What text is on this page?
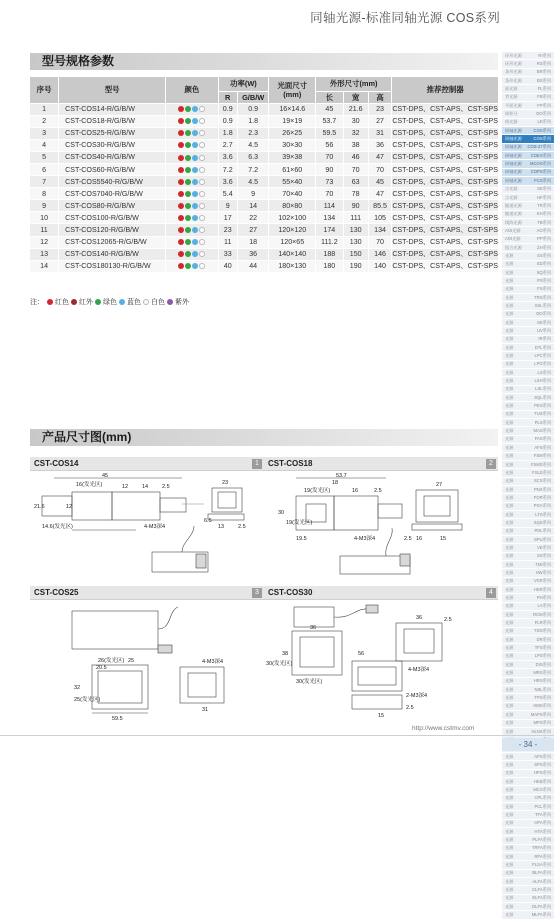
同轴光源-标准同轴光源 COS系列
型号规格参数
序号	型号	颜色	功率(W)		光面尺寸(mm)	外形尺寸(mm)			推荐控制器
			R	G/B/W		长	宽	高	
1	CST-COS14-R/G/B/W		0.9	0.9	16×14.6	45	21.6	23	CST-DPS、CST-APS、CST-SPS
2	CST-COS18-R/G/B/W		0.9	1.8	19×19	53.7	30	27	CST-DPS、CST-APS、CST-SPS
3	CST-COS25-R/G/B/W		1.8	2.3	26×25	59.5	32	31	CST-DPS、CST-APS、CST-SPS
4	CST-COS30-R/G/B/W		2.7	4.5	30×30	56	38	36	CST-DPS、CST-APS、CST-SPS
5	CST-COS40-R/G/B/W		3.6	6.3	39×38	70	46	47	CST-DPS、CST-APS、CST-SPS
6	CST-COS60-R/G/B/W		7.2	7.2	61×60	90	70	70	CST-DPS、CST-APS、CST-SPS
7	CST-COS5540-R/G/B/W		3.6	4.5	55×40	73	63	45	CST-DPS、CST-APS、CST-SPS
8	CST-COS7040-R/G/B/W		5.4	9	70×40	70	78	47	CST-DPS、CST-APS、CST-SPS
9	CST-COS80-R/G/B/W		9	14	80×80	114	90	85.5	CST-DPS、CST-APS、CST-SPS
10	CST-COS100-R/G/B/W		17	22	102×100	134	111	105	CST-DPS、CST-APS、CST-SPS
11	CST-COS120-R/G/B/W		23	27	120×120	174	130	134	CST-DPS、CST-APS、CST-SPS
12	CST-COS12065-R/G/B/W		11	18	120×65	111.2	130	70	CST-DPS、CST-APS、CST-SPS
13	CST-COS140-R/G/B/W		33	36	140×140	188	150	146	CST-DPS、CST-APS、CST-SPS
14	CST-COS180130-R/G/B/W		40	44	180×130	180	190	140	CST-DPS、CST-APS、CST-SPS
注： 红色 红外 绿色 蓝色 白色 紫外
产品尺寸图(mm)
CST-COS14	1	CST-COS18	2
CST-COS25	3	CST-COS30	4
45
16(发光区)	12	14	2.5
23
21.6	12
14.6(发光区)	4-M3深4	13
6.5
2.5
53.7
18
19(发光区)	16	2.5
27
30
19(发光区)
19.5	4-M3深4	2.5 16	15
26(发光区) 25
20.5
32
25(发光区)
59.5
4-M3深4
31
56
36
30(发光区)
38
30(发光区)
2.5
4-M3深4
36
2-M3深4
15
2.5
环形光源	RI系列
环形光源	RS系列
条形光源	BR系列
条形光源	BS系列
面光源	FL系列
背光源	FB系列
平面光源	FP系列
球积分	DO系列
线光源	LE系列
同轴光源	COS系列
同轴光源	COS系列
同轴光源 COS-27系列
同轴光源 COEX系列
同轴光源 MCOS系列
同轴光源 COPS系列
同轴光源	FCS系列
点光源	SE系列
点光源	HF系列
隧道光源	TR系列
隧道光源	KH系列
线阵光源	TB系列
AOI光源	AO系列
AOI光源	PP系列
组合光源	ZH系列
光源	SS系列
光源	SD系列
光源	SQ系列
光源	PS系列
光源	FS系列
光源	TRS系列
光源	SSL系列
光源	DO系列
光源	SE系列
光源	UV系列
光源	IR系列
光源	DTL系列
光源	LPC系列
光源	LPG系列
光源	LS系列
光源	LSH系列
光源	LSL系列
光源	SQL系列
光源	PES系列
光源	TUS系列
光源	PLS系列
光源	MAS系列
光源	FAS系列
光源	AFS系列
光源	FSM系列
光源	FSMS系列
光源	FSLE系列
光源	SCX系列
光源	PNX系列
光源	FOR系列
光源	PGA系列
光源	LTS系列
光源	SQS系列
光源	PDL系列
光源	SPU系列
光源	VE系列
光源	SS系列
光源	TMI系列
光源	HW系列
光源	VSR系列
光源	HSR系列
光源	PH系列
光源	LA系列
光源	RCM系列
光源	FLR系列
光源	TDS系列
光源	DR系列
光源	TFS系列
光源	LPS系列
光源	DIS系列
光源	MRS系列
光源	HRS系列
光源	NSL系列
光源	TPS系列
光源	HMS系列
光源	MAPS系列
光源	MPS系列
光源	HLNS系列
光源	APS系列
光源	SPS系列
光源	HPS系列
光源	HKB系列
光源	MCX系列
光源	CPL系列
光源	PCL系列
光源	TFA系列
光源	HFA系列
光源	HTA系列
光源	PLFA系列
光源	TRFA系列
光源	RFA系列
光源	FLSA系列
光源	BLFA系列
光源	ALFA系列
光源	CLFA系列
光源	ELFA系列
光源	DLFA系列
光源	MLFA系列
http://www.cstmv.com
- 34 -
